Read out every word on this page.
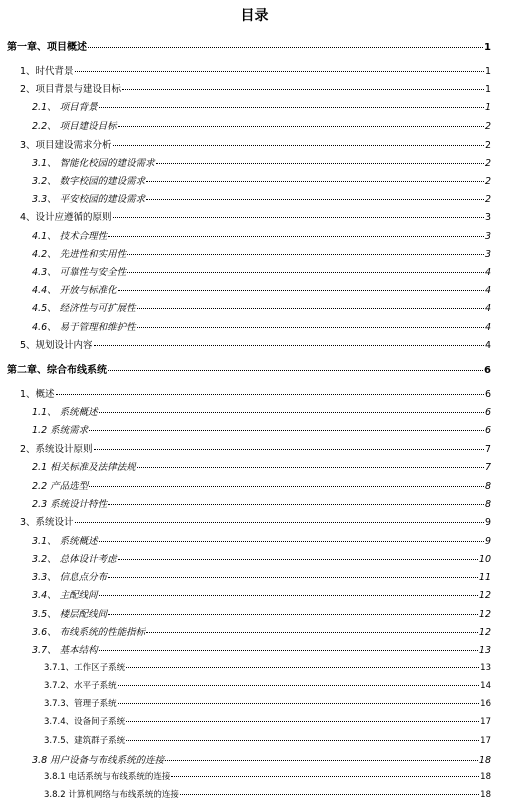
目录
第一章、项目概述	1
1、时代背景	1
2、项目背景与建设目标	1
2.1、 项目背景	1
2.2、 项目建设目标	2
3、项目建设需求分析	2
3.1、 智能化校园的建设需求	2
3.2、 数字校园的建设需求	2
3.3、 平安校园的建设需求	2
4、设计应遵循的原则	3
4.1、 技术合理性	3
4.2、 先进性和实用性	3
4.3、 可靠性与安全性	4
4.4、 开放与标准化	4
4.5、 经济性与可扩展性	4
4.6、 易于管理和维护性	4
5、规划设计内容	4
第二章、综合布线系统	6
1、概述	6
1.1、 系统概述	6
1.2 系统需求	6
2、系统设计原则	7
2.1 相关标准及法律法规	7
2.2 产品选型	8
2.3 系统设计特性	8
3、系统设计	9
3.1、 系统概述	9
3.2、 总体设计考虑	10
3.3、 信息点分布	11
3.4、 主配线间	12
3.5、 楼层配线间	12
3.6、 布线系统的性能指标	12
3.7、 基本结构	13
3.7.1、工作区子系统	13
3.7.2、水平子系统	14
3.7.3、管理子系统	16
3.7.4、设备间子系统	17
3.7.5、建筑群子系统	17
3.8 用户设备与布线系统的连接	18
3.8.1 电话系统与布线系统的连接	18
3.8.2 计算机网络与布线系统的连接	18
